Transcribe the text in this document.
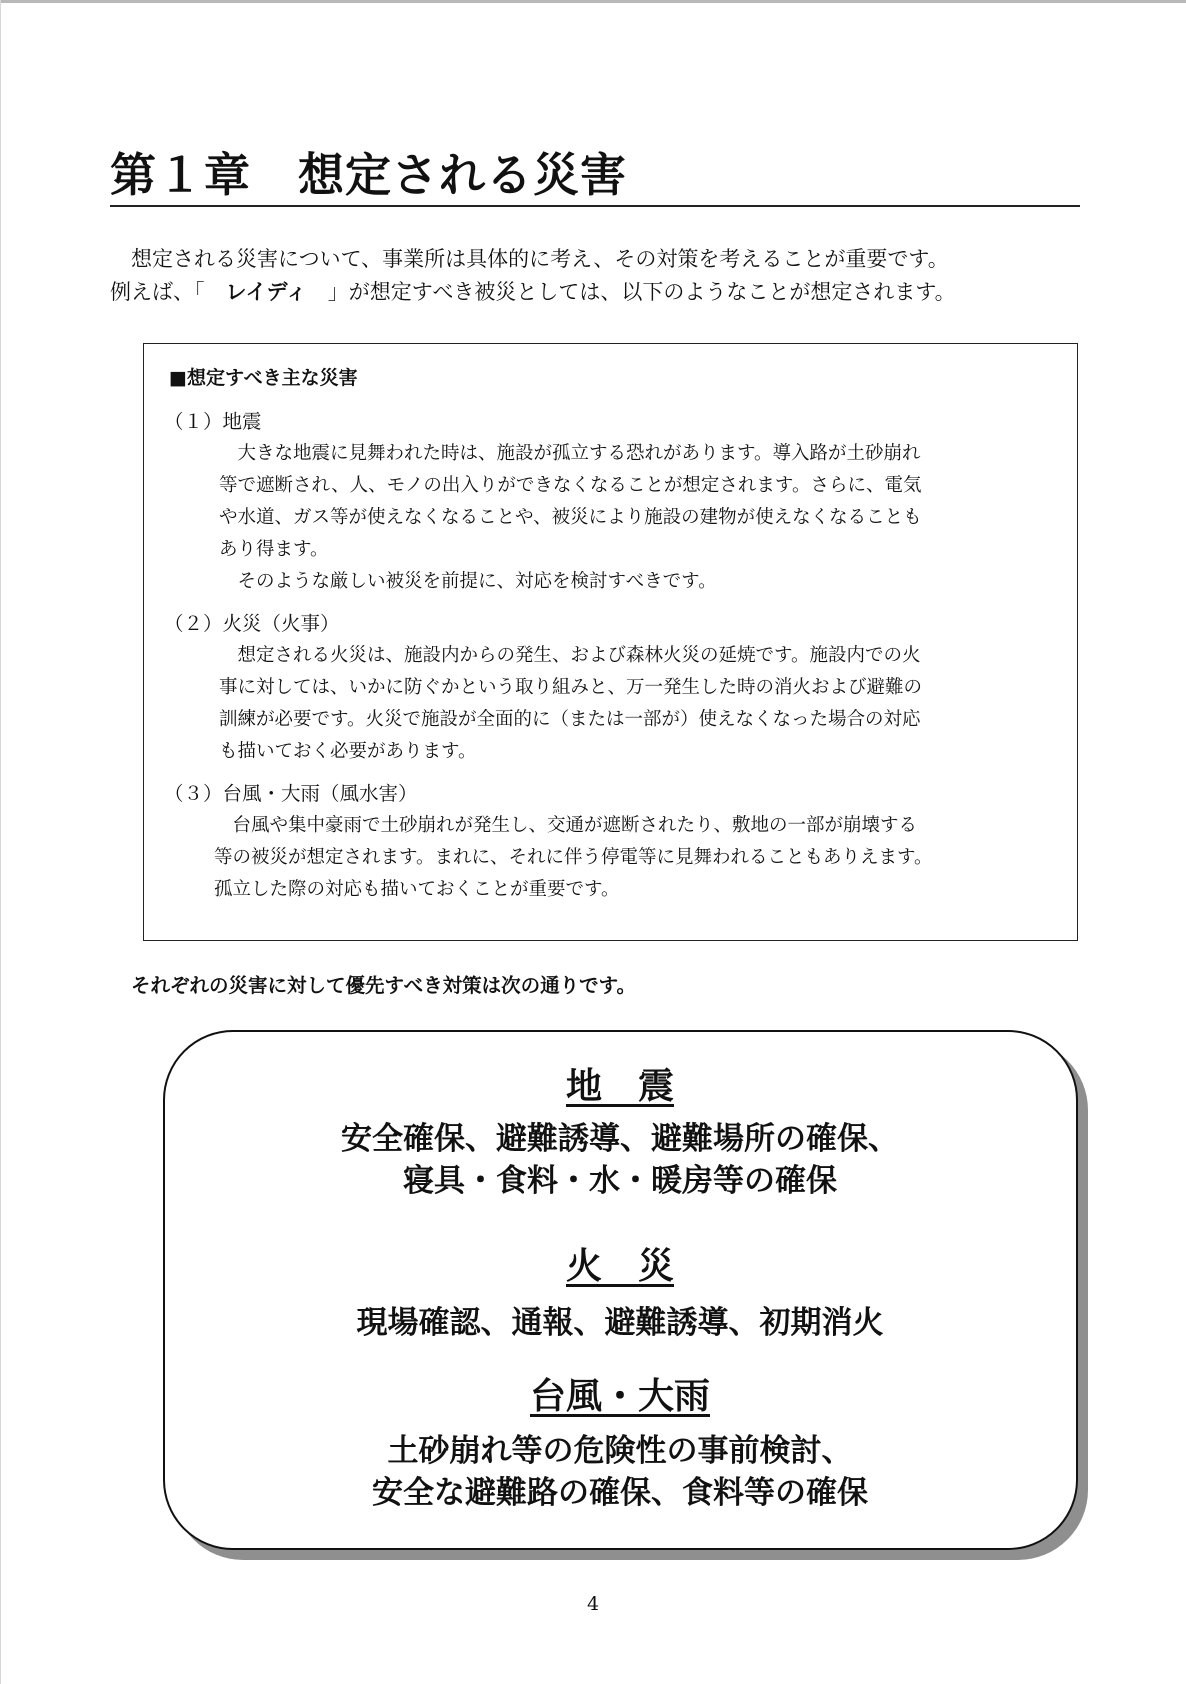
第１章　想定される災害
　想定される災害について、事業所は具体的に考え、その対策を考えることが重要です。
例えば、「　レイディ　」が想定すべき被災としては、以下のようなことが想定されます。
■想定すべき主な災害
（１）地震
　大きな地震に見舞われた時は、施設が孤立する恐れがあります。導入路が土砂崩れ
等で遮断され、人、モノの出入りができなくなることが想定されます。さらに、電気
や水道、ガス等が使えなくなることや、被災により施設の建物が使えなくなることも
あり得ます。
　そのような厳しい被災を前提に、対応を検討すべきです。
（２）火災（火事）
　想定される火災は、施設内からの発生、および森林火災の延焼です。施設内での火
事に対しては、いかに防ぐかという取り組みと、万一発生した時の消火および避難の
訓練が必要です。火災で施設が全面的に（または一部が）使えなくなった場合の対応
も描いておく必要があります。
（３）台風・大雨（風水害）
　台風や集中豪雨で土砂崩れが発生し、交通が遮断されたり、敷地の一部が崩壊する
等の被災が想定されます。まれに、それに伴う停電等に見舞われることもありえます。
孤立した際の対応も描いておくことが重要です。
それぞれの災害に対して優先すべき対策は次の通りです。
地　震
安全確保、避難誘導、避難場所の確保、
寝具・食料・水・暖房等の確保
火　災
現場確認、通報、避難誘導、初期消火
台風・大雨
土砂崩れ等の危険性の事前検討、
安全な避難路の確保、食料等の確保
4
